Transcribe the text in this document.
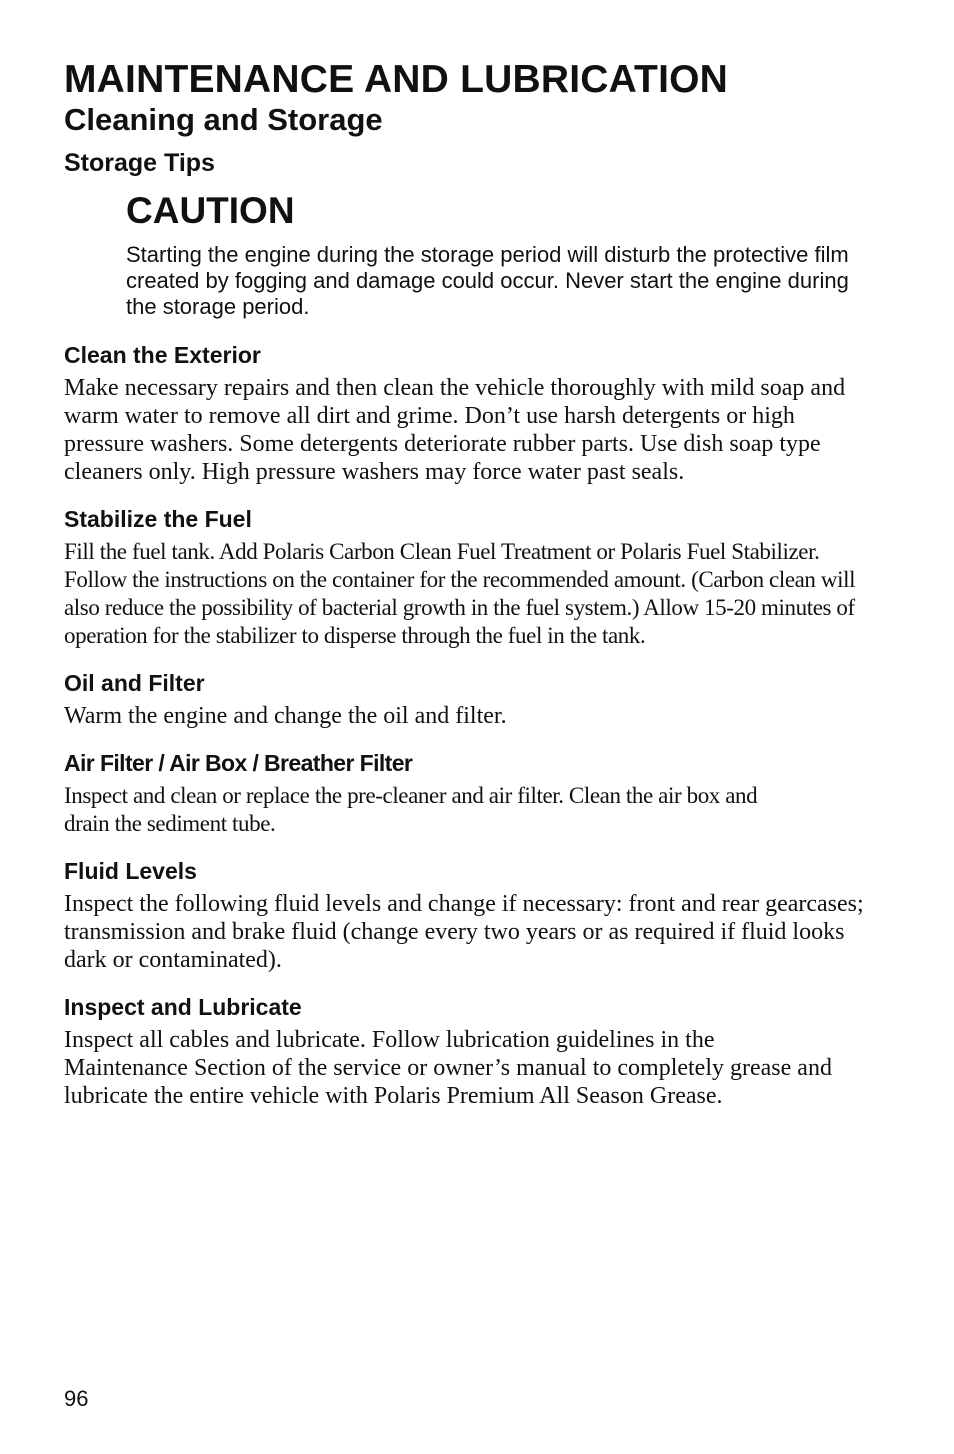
MAINTENANCE AND LUBRICATION
Cleaning and Storage
Storage Tips
CAUTION
Starting the engine during the storage period will disturb the protective film created by fogging and damage could occur. Never start the engine during the storage period.
Clean the Exterior

Make necessary repairs and then clean the vehicle thoroughly with mild soap and warm water to remove all dirt and grime. Don’t use harsh detergents or high pressure washers. Some detergents deteriorate rubber parts. Use dish soap type cleaners only. High pressure washers may force water past seals.

Stabilize the Fuel

Fill the fuel tank. Add Polaris Carbon Clean Fuel Treatment or Polaris Fuel Stabilizer. Follow the instructions on the container for the recommended amount. (Carbon clean will also reduce the possibility of bacterial growth in the fuel system.) Allow 15-20 minutes of operation for the stabilizer to disperse through the fuel in the tank.

Oil and Filter

Warm the engine and change the oil and filter.

Air Filter / Air Box / Breather Filter

Inspect and clean or replace the pre-cleaner and air filter. Clean the air box and drain the sediment tube.

Fluid Levels

Inspect the following fluid levels and change if necessary: front and rear gearcases; transmission and brake fluid (change every two years or as required if fluid looks dark or contaminated).

Inspect and Lubricate

Inspect all cables and lubricate. Follow lubrication guidelines in the Maintenance Section of the service or owner’s manual to completely grease and lubricate the entire vehicle with Polaris Premium All Season Grease.

96
